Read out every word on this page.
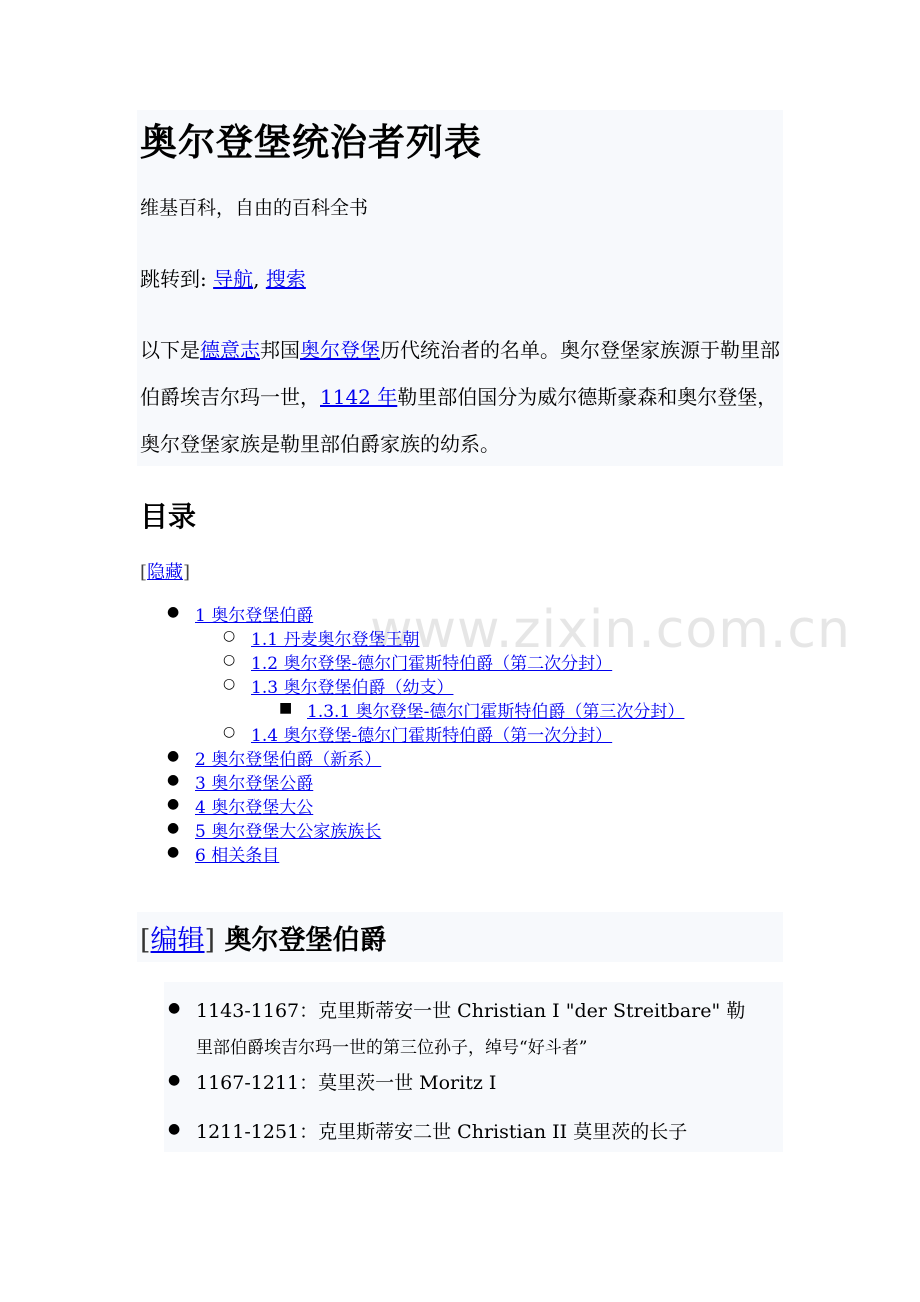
奥尔登堡统治者列表
维基百科，自由的百科全书
跳转到: 导航, 搜索

以下是德意志邦国奥尔登堡历代统治者的名单。奥尔登堡家族源于勒里部伯爵埃吉尔玛一世，1142 年勒里部伯国分为威尔德斯豪森和奥尔登堡，　奥尔登堡家族是勒里部伯爵家族的幼系。

目录
[隐藏]
www.zixin.com.cn
● 1 奥尔登堡伯爵
○ 1.1 丹麦奥尔登堡王朝
○ 1.2 奥尔登堡-德尔门霍斯特伯爵（第二次分封）
○ 1.3 奥尔登堡伯爵（幼支）
■ 1.3.1 奥尔登堡-德尔门霍斯特伯爵（第三次分封）
○ 1.4 奥尔登堡-德尔门霍斯特伯爵（第一次分封）
● 2 奥尔登堡伯爵（新系）
● 3 奥尔登堡公爵
● 4 奥尔登堡大公
● 5 奥尔登堡大公家族族长
● 6 相关条目
[编辑] 奥尔登堡伯爵
● 1143-1167：克里斯蒂安一世 Christian I "der Streitbare" 勒
里部伯爵埃吉尔玛一世的第三位孙子，绰号“好斗者”
● 1167-1211：莫里茨一世 Moritz I
● 1211-1251：克里斯蒂安二世 Christian II 莫里茨的长子
